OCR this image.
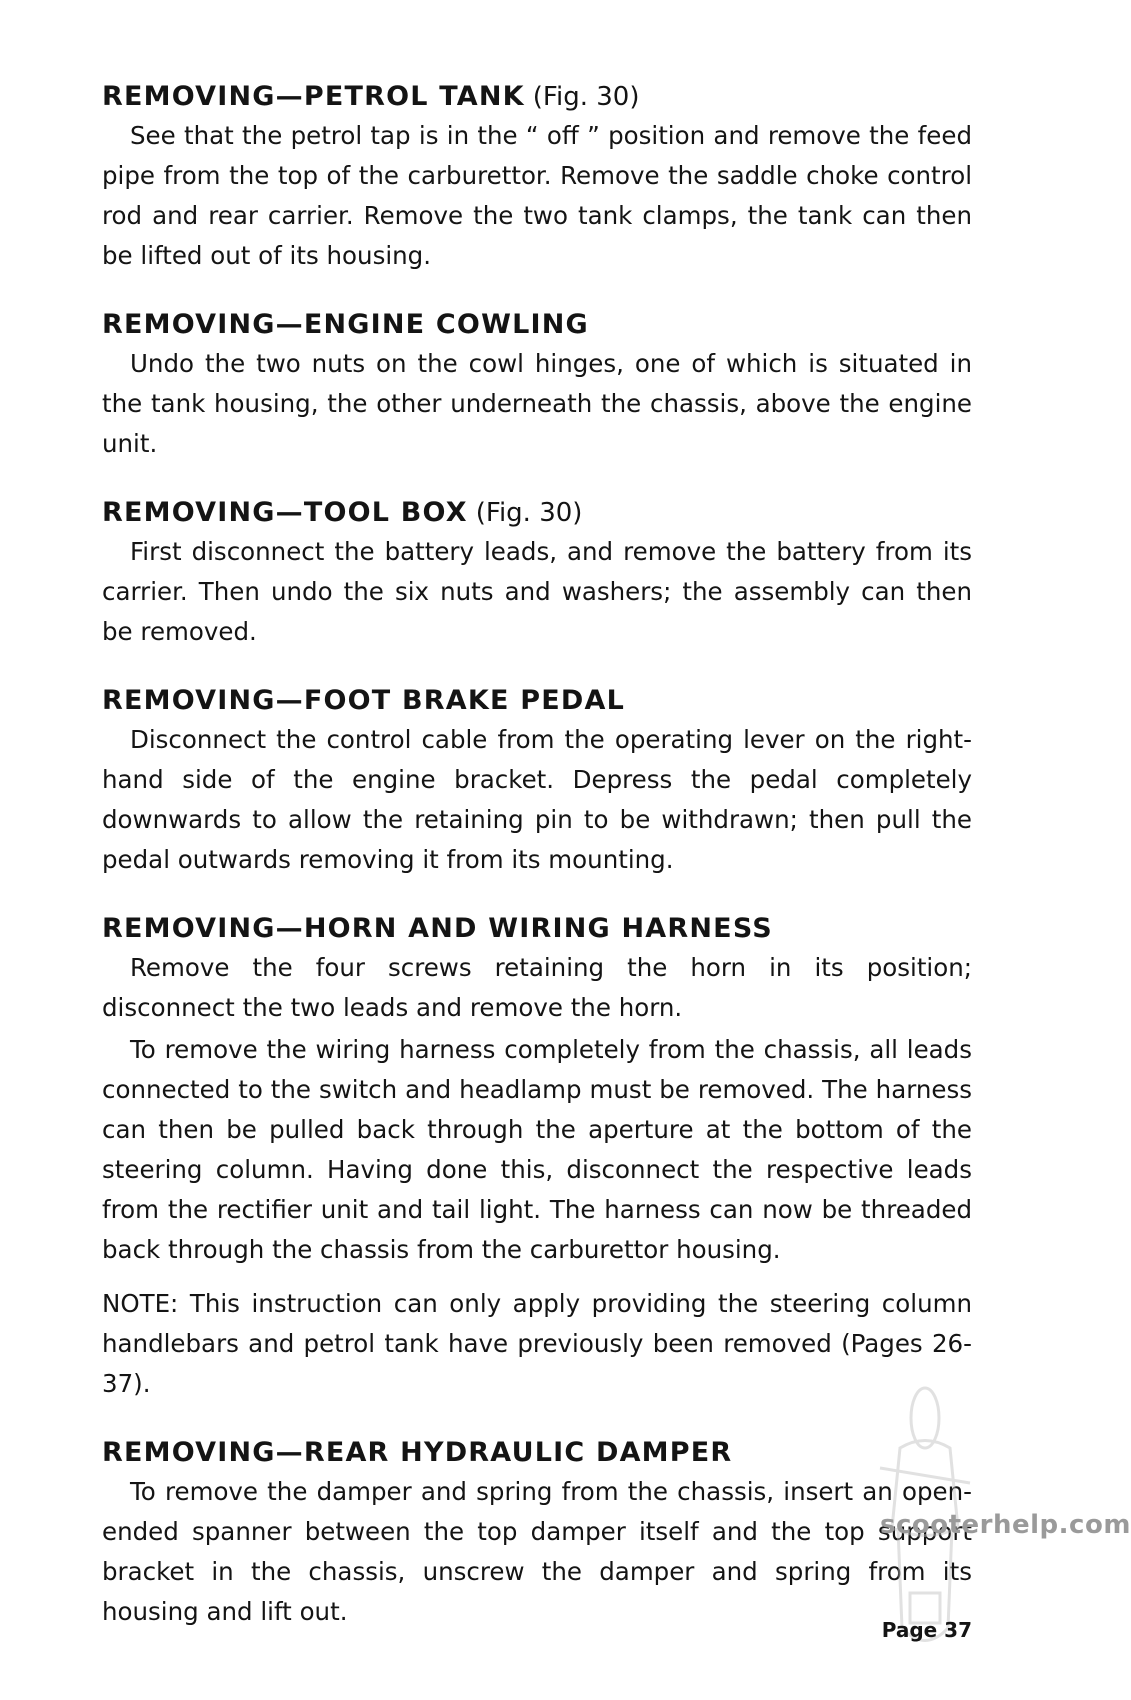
REMOVING—PETROL TANK (Fig. 30)

See that the petrol tap is in the “ off ” position and remove the feed pipe from the top of the carburettor. Remove the saddle choke control rod and rear carrier. Remove the two tank clamps, the tank can then be lifted out of its housing.

REMOVING—ENGINE COWLING

Undo the two nuts on the cowl hinges, one of which is situated in the tank housing, the other underneath the chassis, above the engine unit.

REMOVING—TOOL BOX (Fig. 30)

First disconnect the battery leads, and remove the battery from its carrier. Then undo the six nuts and washers; the assembly can then be removed.

REMOVING—FOOT BRAKE PEDAL

Disconnect the control cable from the operating lever on the right-hand side of the engine bracket. Depress the pedal completely downwards to allow the retaining pin to be withdrawn; then pull the pedal outwards removing it from its mounting.

REMOVING—HORN AND WIRING HARNESS

Remove the four screws retaining the horn in its position; disconnect the two leads and remove the horn.

To remove the wiring harness completely from the chassis, all leads connected to the switch and headlamp must be removed. The harness can then be pulled back through the aperture at the bottom of the steering column. Having done this, disconnect the respective leads from the rectifier unit and tail light. The harness can now be threaded back through the chassis from the carburettor housing.

NOTE: This instruction can only apply providing the steering column handlebars and petrol tank have previously been removed (Pages 26-37).

REMOVING—REAR HYDRAULIC DAMPER

To remove the damper and spring from the chassis, insert an open-ended spanner between the top damper itself and the top support bracket in the chassis, unscrew the damper and spring from its housing and lift out.

scooterhelp.com
Page 37
